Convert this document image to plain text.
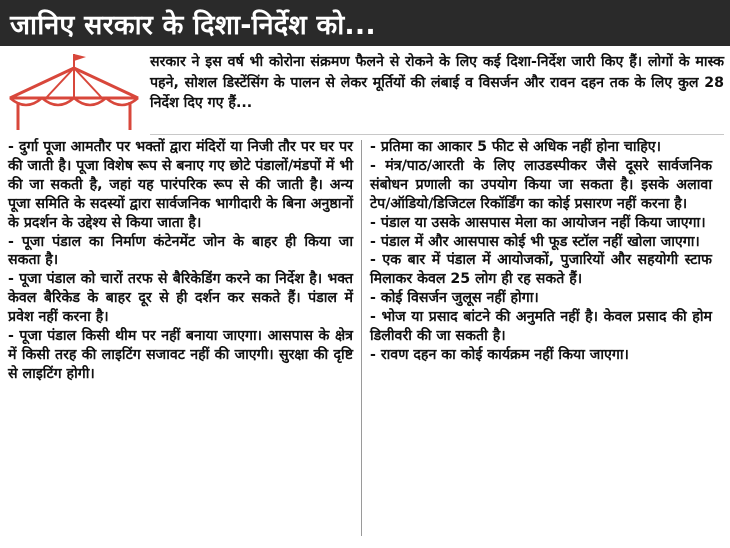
जानिए सरकार के दिशा-निर्देश को...
सरकार ने इस वर्ष भी कोरोना संक्रमण फैलने से रोकने के लिए कई दिशा-निर्देश जारी किए हैं। लोगों के मास्क पहने, सोशल डिस्टेंसिंग के पालन से लेकर मूर्तियों की लंबाई व विसर्जन और रावन दहन तक के लिए कुल 28 निर्देश दिए गए हैं...

- दुर्गा पूजा आमतौर पर भक्तों द्वारा मंदिरों या निजी तौर पर घर पर की जाती है। पूजा विशेष रूप से बनाए गए छोटे पंडालों/मंडपों में भी की जा सकती है, जहां यह पारंपरिक रूप से की जाती है। अन्य पूजा समिति के सदस्यों द्वारा सार्वजनिक भागीदारी के बिना अनुष्ठानों के प्रदर्शन के उद्देश्य से किया जाता है।

- पूजा पंडाल का निर्माण कंटेनमेंट जोन के बाहर ही किया जा सकता है।

- पूजा पंडाल को चारों तरफ से बैरिकेडिंग करने का निर्देश है। भक्त केवल बैरिकेड के बाहर दूर से ही दर्शन कर सकते हैं। पंडाल में प्रवेश नहीं करना है।

- पूजा पंडाल किसी थीम पर नहीं बनाया जाएगा। आसपास के क्षेत्र में किसी तरह की लाइटिंग सजावट नहीं की जाएगी। सुरक्षा की दृष्टि से लाइटिंग होगी।

- प्रतिमा का आकार 5 फीट से अधिक नहीं होना चाहिए।

- मंत्र/पाठ/आरती के लिए लाउडस्पीकर जैसे दूसरे सार्वजनिक संबोधन प्रणाली का उपयोग किया जा सकता है। इसके अलावा टेप/ऑडियो/डिजिटल रिकॉर्डिंग का कोई प्रसारण नहीं करना है।

- पंडाल या उसके आसपास मेला का आयोजन नहीं किया जाएगा।

- पंडाल में और आसपास कोई भी फूड स्टॉल नहीं खोला जाएगा।

- एक बार में पंडाल में आयोजकों, पुजारियों और सहयोगी स्टाफ मिलाकर केवल 25 लोग ही रह सकते हैं।

- कोई विसर्जन जुलूस नहीं होगा।

- भोज या प्रसाद बांटने की अनुमति नहीं है। केवल प्रसाद की होम डिलीवरी की जा सकती है।

- रावण दहन का कोई कार्यक्रम नहीं किया जाएगा।
